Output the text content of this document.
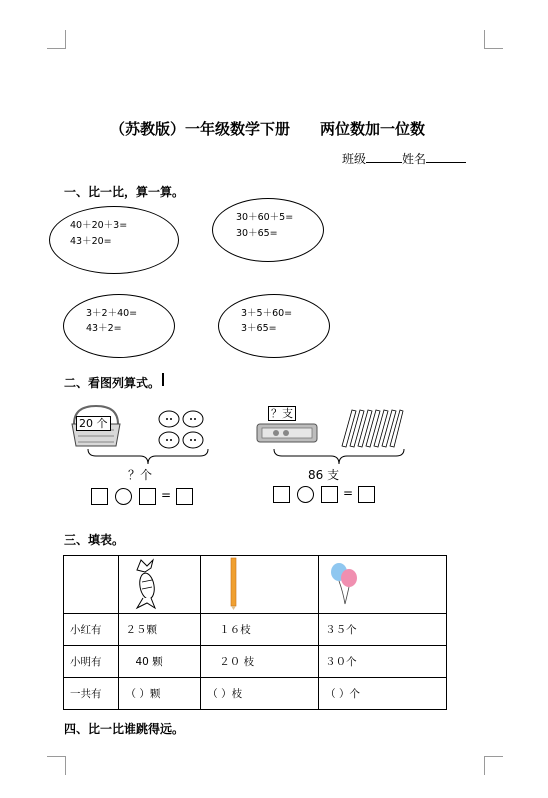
（苏教版）一年级数学下册　　两位数加一位数
班级	姓名
一、比一比，算一算。
40＋20＋3=
43＋20=
30＋60＋5=
30＋65=
3＋2＋40=
43＋2=
3＋5＋60=
3＋65=
二、看图列算式。
20 个
？个
=
？支
86 支
=
三、填表。

小红有	２５颗	１６枝	３５个
小明有	40 颗	２０ 枝	３０个
一共有	（ ）颗	（ ）枝	（ ）个
四、比一比谁跳得远。
